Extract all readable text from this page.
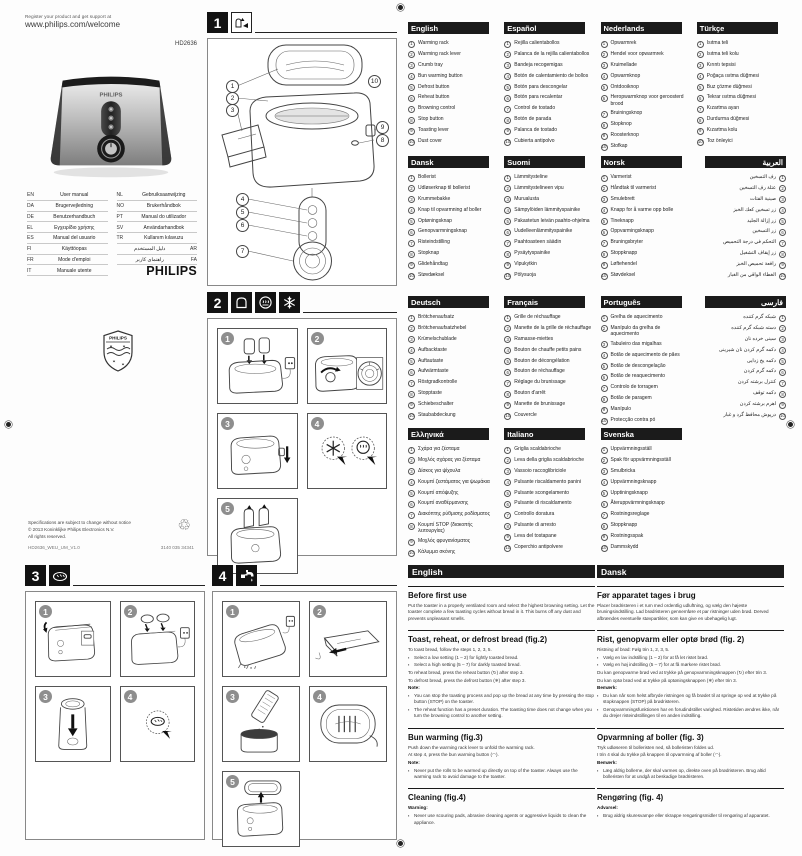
Register your product and get support at
www.philips.com/welcome
HD2636
PHILIPS
EN	User manual
DA	Brugervejledning
DE	Benutzerhandbuch
EL	Εγχειρίδιο χρήσης
ES	Manual del usuario
FI	Käyttöopas
FR	Mode d'emploi
IT	Manuale utente
NL	Gebruiksaanwijzing
NO	Brukerhåndbok
PT	Manual do utilizador
SV	Användarhandbok
TR	Kullanım kılavuzu
AR
دليل المستخدم
FA
راهنمای کاربر
PHILIPS
1
1
2
3
4
5
6
7
8
9
10
PHILIPS
Specifications are subject to change without notice
© 2013 Koninklijke Philips Electronics N.V.
All rights reserved.
HD2636_WEU_UM_V1.0
♲
3140 035 34341
2
1	2
3	4
5
3
1	2
3	4
4
1	2
3	4
5
English
1	Warming rack
2	Warming rack lever
3	Crumb tray
4	Bun warming button
5	Defrost button
6	Reheat button
7	Browning control
8	Stop button
9	Toasting lever
10 Dust cover
Español
1	Rejilla calientabollos
2	Palanca de la rejilla calientabollos
3	Bandeja recogemigas
4	Botón de calentamiento de bollos
5	Botón para descongelar
6	Botón para recalentar
7	Control de tostado
8	Botón de parada
9	Palanca de tostado
10 Cubierta antipolvo
Nederlands
1	Opwarmrek
2	Hendel voor opwarmrek
3	Kruimellade
4	Opwarmknop
5	Ontdooiknop
6	Heropwarmknop voor geroosterd brood
7	Bruiningsknop
8	Stopknop
9	Roosterknop
10 Stofkap
Türkçe
1	Isıtma teli
2	Isıtma teli kolu
3	Kırıntı tepsisi
4	Poğaça ısıtma düğmesi
5	Buz çözme düğmesi
6	Tekrar ısıtma düğmesi
7	Kızartma ayarı
8	Durdurma düğmesi
9	Kızartma kolu
10 Toz önleyici
Dansk
1	Bollerist
2	Udløserknap til bollerist
3	Krummebakke
4	Knap til opvarmning af boller
5	Optøningsknap
6	Genopvarmningsknap
7	Risteindstilling
8	Stopknap
9	Glidehåndtag
10 Støvdæksel
Suomi
1	Lämmitysteline
2	Lämmitystelineen vipu
3	Murualusta
4	Sämpylöiden lämmityspainike
5	Pakastetun leivän paahto-ohjelma
6	Uudelleenlämmityspainike
7	Paahtoasteen säädin
8	Pysäytyspainike
9	Vipukytkin
10 Pölysuoja
Norsk
1	Varmerist
2	Håndtak til varmerist
3	Smulebrett
4	Knapp for å varme opp bolle
5	Tineknapp
6	Oppvarmingsknapp
7	Bruningsbryter
8	Stoppknapp
9	Løftehendel
10 Støvdeksel
العربية
1
رف التسخين
2
عتلة رف التسخين
3
صينية الفتات
4
زر تسخين كعك الخبز
5
زر إزالة الجليد
6
زر التسخين
7
التحكم في درجة التحميص
8
زر إيقاف التشغيل
9
رافعة تحميص الخبز
10
الغطاء الواقي من الغبار
Deutsch
1	Brötchenaufsatz
2	Brötchenaufsatzhebel
3	Krümelschublade
4	Aufbacktaste
5	Auftautaste
6	Aufwärmtaste
7	Röstgradkontrolle
8	Stopptaste
9	Schiebeschalter
10 Staubabdeckung
Français
1	Grille de réchauffage
2	Manette de la grille de réchauffage
3	Ramasse-miettes
4	Bouton de chauffe petits pains
5	Bouton de décongélation
6	Bouton de réchauffage
7	Réglage du brunissage
8	Bouton d'arrêt
9	Manette de brunissage
10 Couvercle
Português
1	Grelha de aquecimento
2	Manípulo da grelha de aquecimento
3	Tabuleiro das migalhas
4	Botão de aquecimento de pães
5	Botão de descongelação
6	Botão de reaquecimento
7	Controlo de torragem
8	Botão de paragem
9	Manípulo
10 Protecção contra pó
فارسی
1
شبکه گرم کننده
2
دسته شبکه گرم کننده
3
سینی خرده نان
4
دکمه گرم کردن نان شیرینی
5
دکمه یخ زدایی
6
دکمه گرم کردن
7
کنترل برشته کردن
8
دکمه توقف
9
اهرم برشته کردن
10
درپوش محافظ گرد و غبار
Ελληνικά
1	Σχάρα για ζέσταμα
2	Μοχλός σχάρας για ζέσταμα
3	Δίσκος για ψίχουλα
4	Κουμπί ζεστάματος για ψωμάκια
5	Κουμπί απόψυξης
6	Κουμπί αναθέρμανσης
7	Διακόπτης ρύθμισης ροδίσματος
8	Κουμπί STOP (διακοπής λειτουργίας)
9	Μοχλός φρυγανίσματος
10 Κάλυμμα σκόνης
Italiano
1	Griglia scaldabrioche
2	Leva della griglia scaldabrioche
3	Vassoio raccoglibriciole
4	Pulsante riscaldamento panini
5	Pulsante scongelamento
6	Pulsante di riscaldamento
7	Controllo doratura
8	Pulsante di arresto
9	Leva del tostapane
10 Coperchio antipolvere
Svenska
1	Uppvärmningsställ
2	Spak för uppvärmningsställ
3	Smulbricka
4	Uppvärmningsknapp
5	Upptiningsknapp
6	Återuppvärmningsknapp
7	Rostningsreglage
8	Stoppknapp
9	Rostningsspak
10 Dammskydd
English
Before first use

Put the toaster in a properly ventilated room and select the highest browning setting. Let the toaster complete a few toasting cycles without bread in it. This burns off any dust and prevents unpleasant smells.

Toast, reheat, or defrost bread (fig.2)

To toast bread, follow the steps 1, 2, 3, 5.

▪ Select a low setting (1 – 2) for lightly toasted bread.

▪ Select a high setting (5 – 7) for darkly toasted bread.

To reheat bread, press the reheat button (↻) after step 3.

To defrost bread, press the defrost button (❄) after step 3.

Note:

▪ You can stop the toasting process and pop up the bread at any time by pressing the stop button (STOP) on the toaster.

▪ The reheat function has a preset duration. The toasting time does not change when you turn the browning control to another setting.

Bun warming (fig.3)

Push down the warming rack lever to unfold the warming rack.

At step 4, press the bun warming button (◠).

Note:

▪ Never put the rolls to be warmed up directly on top of the toaster. Always use the warming rack to avoid damage to the toaster.

Cleaning (fig.4)

Warning:

▪ Never use scouring pads, abrasive cleaning agents or aggressive liquids to clean the appliance.

Dansk
Før apparatet tages i brug

Placer brødristeren i et rum med ordentlig udluftning, og vælg den højeste bruningsindstilling. Lad brødristeren gennemføre et par ristninger uden brød. Derved afbrændes eventuelle støvpartikler, som kan give en ubehagelig lugt.

Rist, genopvarm eller optø brød (fig. 2)

Ristning af brød: Følg trin 1, 2, 3, 5.

▪ Vælg en lav indstilling (1 – 2) for at få let ristet brød.

▪ Vælg en høj indstilling (5 – 7) for at få mørkere ristet brød.

Du kan genopvarme brød ved at trykke på genopvarmningsknappen (↻) efter trin 3.

Du kan optø brød ved at trykke på optøningsknappen (❄) efter trin 3.

Bemærk:

▪ Du kan når som helst afbryde ristningen og få brødet til at springe op ved at trykke på stopknappen (STOP) på brødristeren.

▪ Genopvarmningsfunktionen har en forudindstillet varighed. Ristetiden ændres ikke, når du drejer risteindstillingen til en anden indstilling.

Opvarmning af boller (fig. 3)

Tryk udløseren til bolleristen ned, så bolleristen foldes ud.

I trin 4 skal du trykke på knappen til opvarmning af boller (◠).

Bemærk:

▪ Læg aldrig bollerne, der skal varmes op, direkte oven på brødristeren. Brug altid bolleristen for at undgå at beskadige brødristeren.

Rengøring (fig. 4)

Advarsel:

▪ Brug aldrig skuresvampe eller skrappe rengøringsmidler til rengøring af apparatet.
